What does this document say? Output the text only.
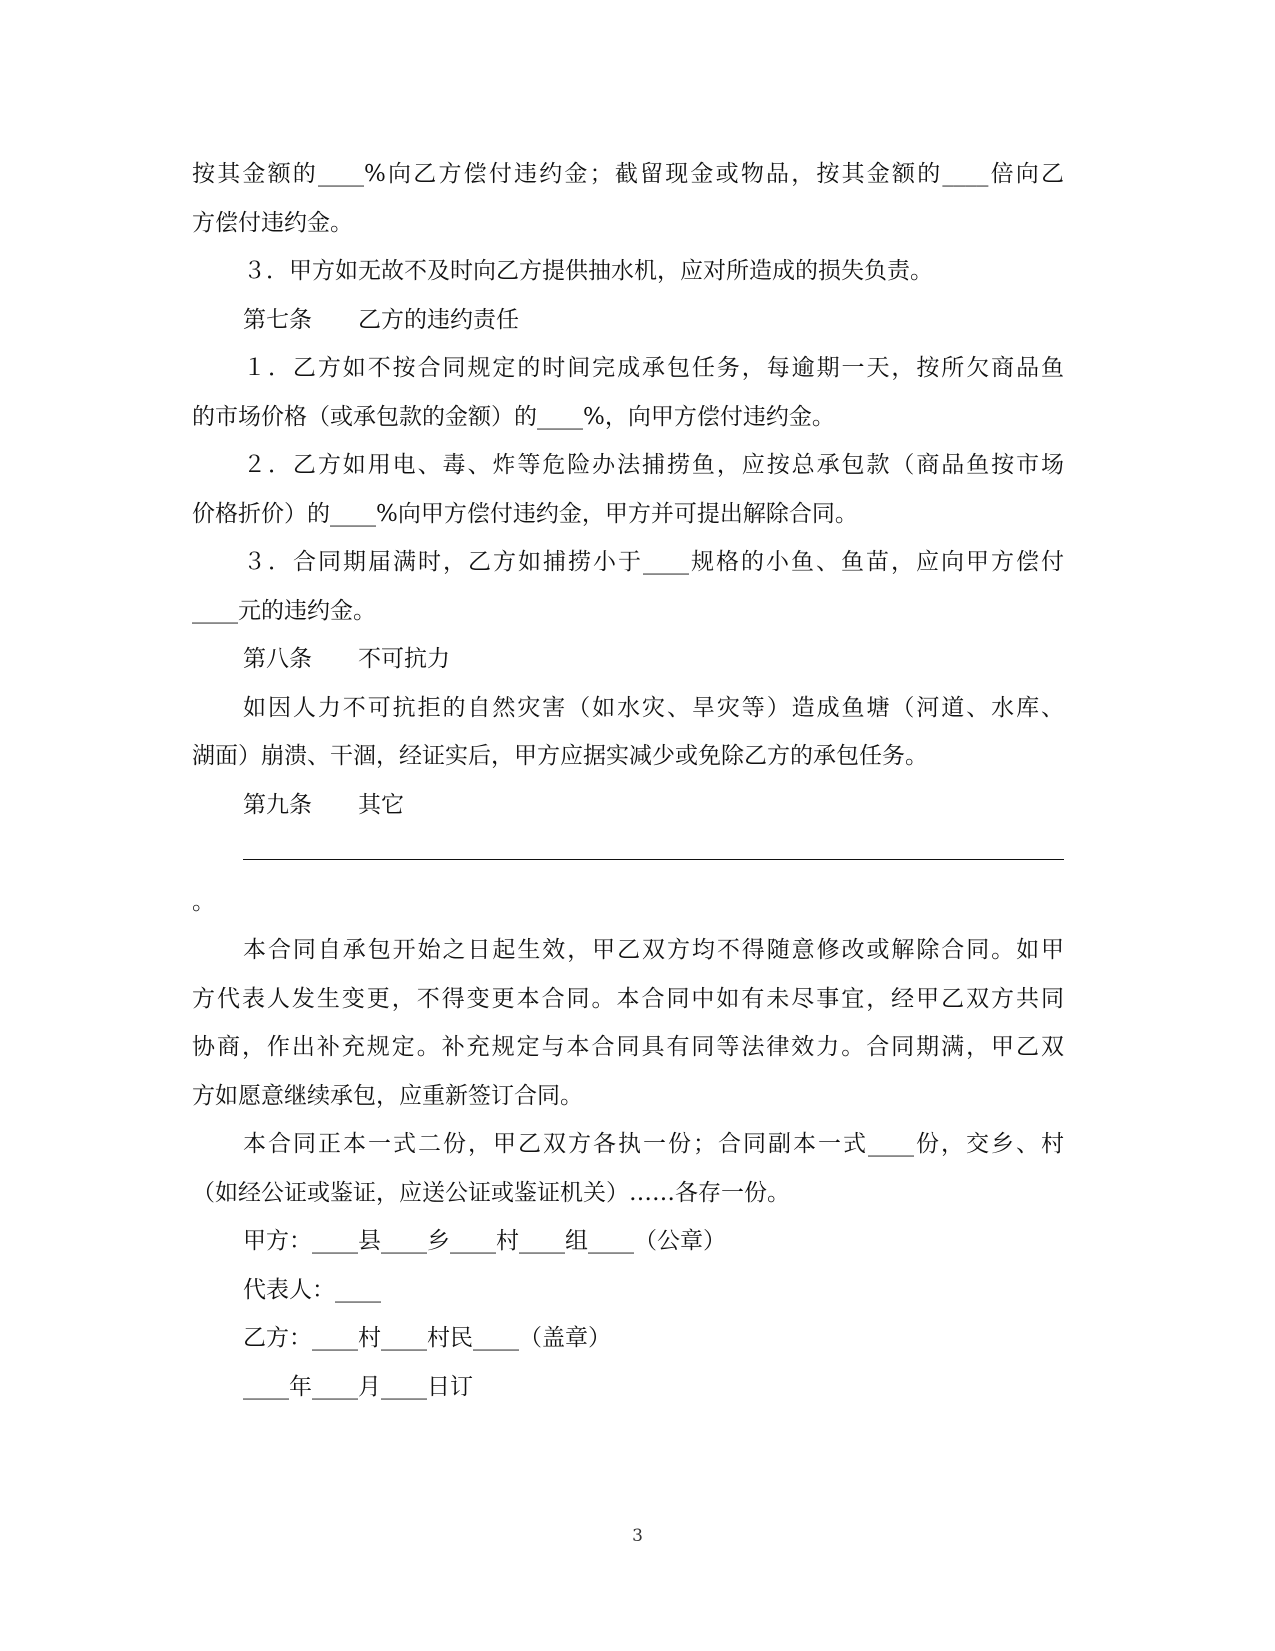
按其金额的____%向乙方偿付违约金；截留现金或物品，按其金额的____倍向乙
方偿付违约金。
３．甲方如无故不及时向乙方提供抽水机，应对所造成的损失负责。
第七条　　乙方的违约责任
１．乙方如不按合同规定的时间完成承包任务，每逾期一天，按所欠商品鱼
的市场价格（或承包款的金额）的____%，向甲方偿付违约金。
２．乙方如用电、毒、炸等危险办法捕捞鱼，应按总承包款（商品鱼按市场
价格折价）的____%向甲方偿付违约金，甲方并可提出解除合同。
３．合同期届满时，乙方如捕捞小于____规格的小鱼、鱼苗，应向甲方偿付
____元的违约金。
第八条　　不可抗力
如因人力不可抗拒的自然灾害（如水灾、旱灾等）造成鱼塘（河道、水库、
湖面）崩溃、干涸，经证实后，甲方应据实减少或免除乙方的承包任务。
第九条　　其它
。
本合同自承包开始之日起生效，甲乙双方均不得随意修改或解除合同。如甲
方代表人发生变更，不得变更本合同。本合同中如有未尽事宜，经甲乙双方共同
协商，作出补充规定。补充规定与本合同具有同等法律效力。合同期满，甲乙双
方如愿意继续承包，应重新签订合同。
本合同正本一式二份，甲乙双方各执一份；合同副本一式____份，交乡、村
（如经公证或鉴证，应送公证或鉴证机关）……各存一份。
甲方：____县____乡____村____组____（公章）
代表人：____
乙方：____村____村民____（盖章）
____年____月____日订
3
